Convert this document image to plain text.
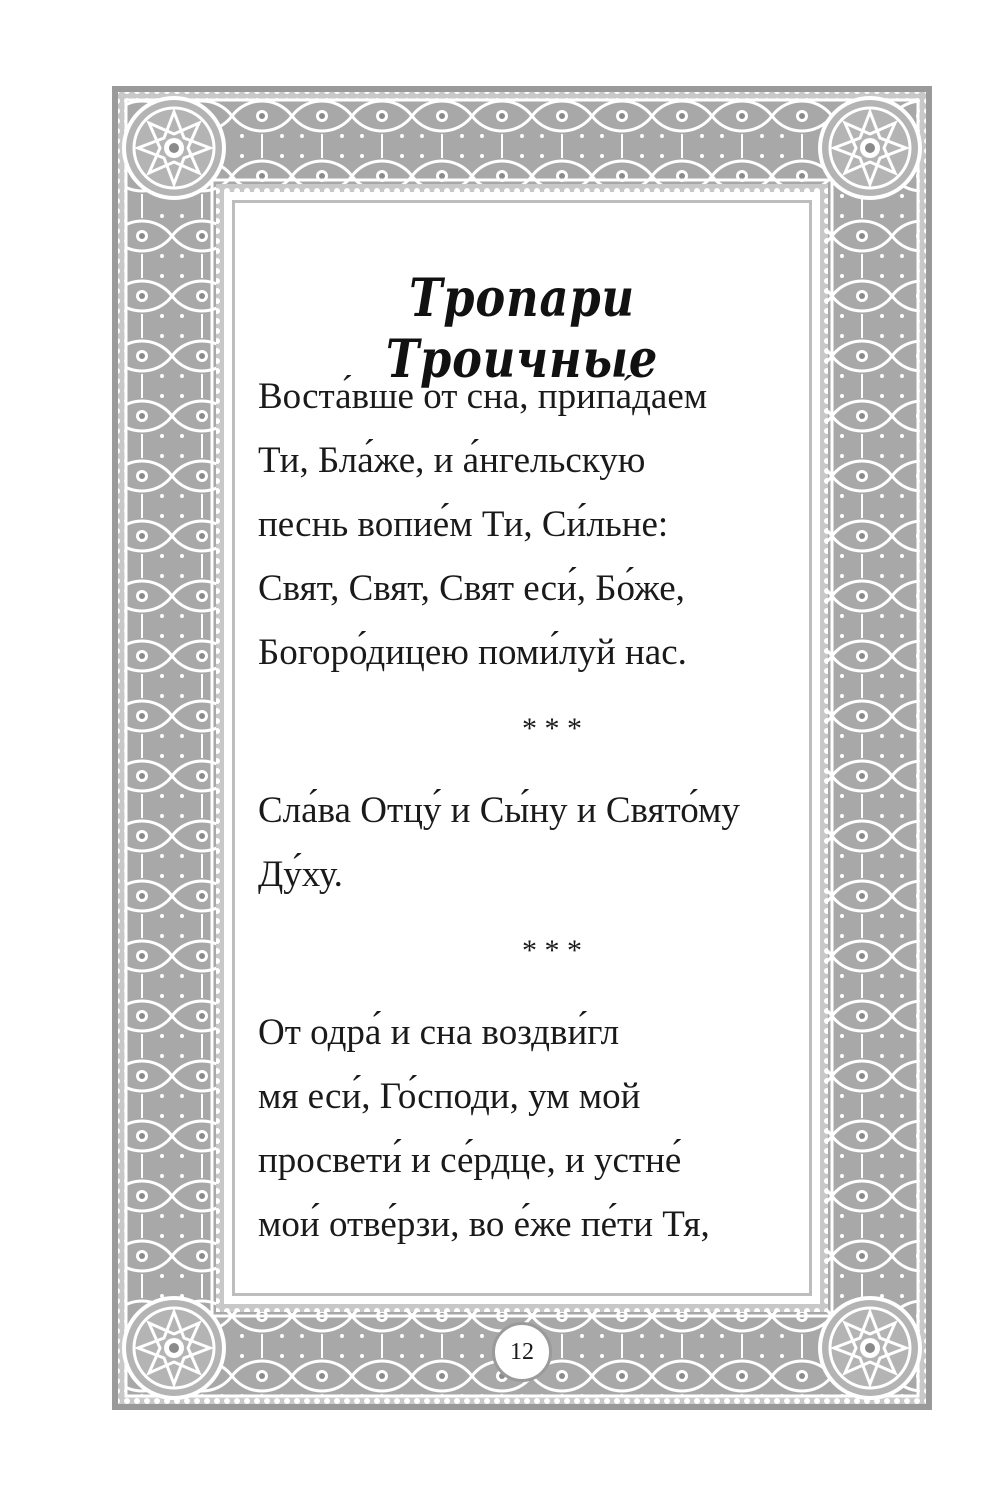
Тропари Троичные
Воста́вше от сна, припа́даем
Ти, Бла́же, и а́нгельскую
песнь вопие́м Ти, Си́льне:
Свят, Свят, Свят еси́, Бо́же,
Богоро́дицею поми́луй нас.
* * *
Сла́ва Отцу́ и Сы́ну и Свято́му
Ду́ху.
* * *
От одра́ и сна воздви́гл
мя еси́, Го́споди, ум мой
просвети́ и се́рдце, и устне́
мои́ отве́рзи, во е́же пе́ти Тя,
12
